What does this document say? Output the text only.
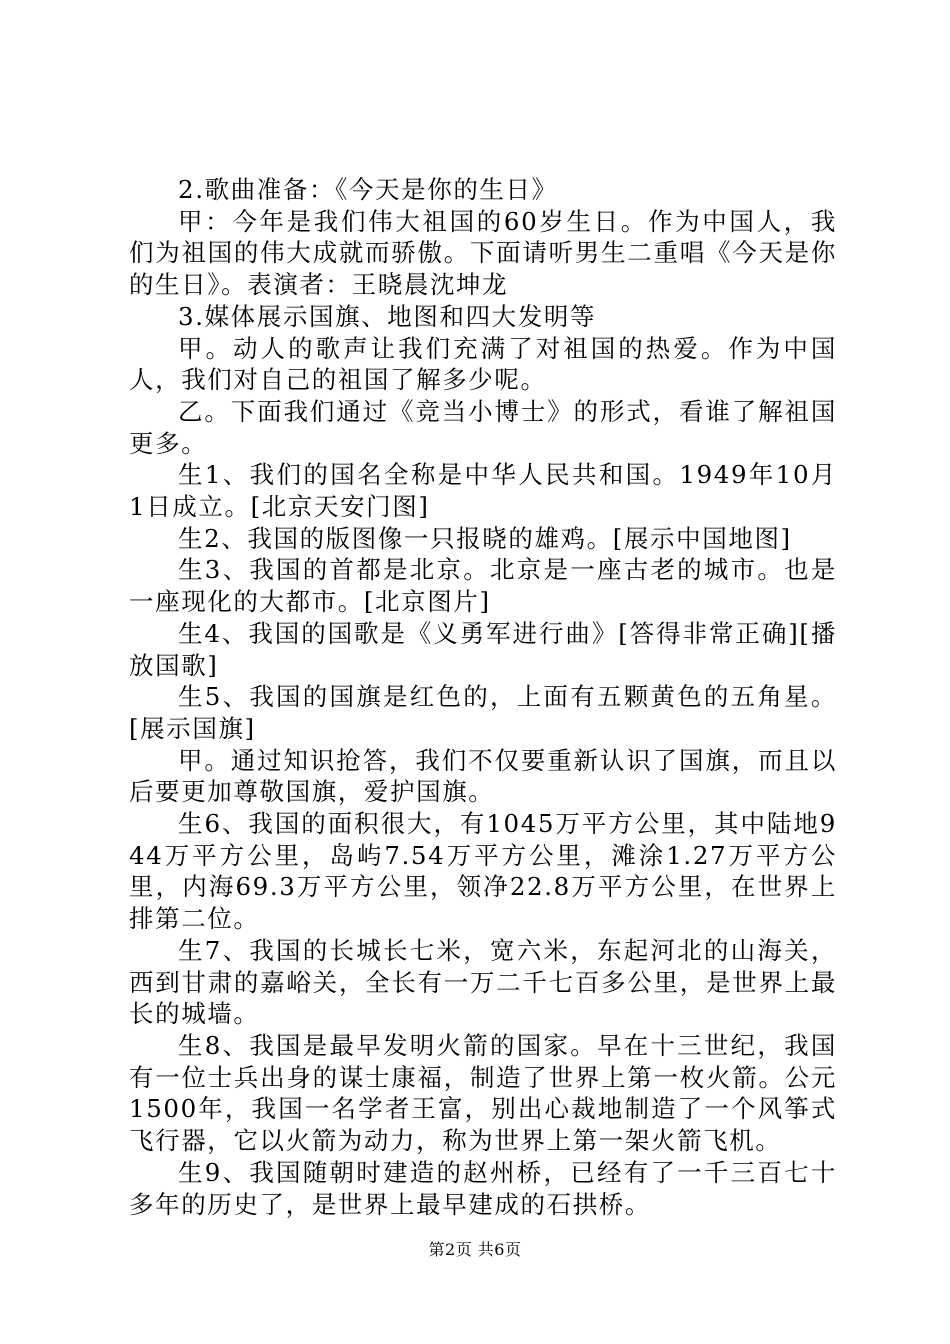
2.歌曲准备：《今天是你的生日》

甲：今年是我们伟大祖国的60岁生日。作为中国人，我们为祖国的伟大成就而骄傲。下面请听男生二重唱《今天是你的生日》。表演者：王晓晨沈坤龙

3.媒体展示国旗、地图和四大发明等

甲。动人的歌声让我们充满了对祖国的热爱。作为中国人，我们对自己的祖国了解多少呢。

乙。下面我们通过《竞当小博士》的形式，看谁了解祖国更多。

生1、我们的国名全称是中华人民共和国。1949年10月1日成立。[北京天安门图]

生2、我国的版图像一只报晓的雄鸡。[展示中国地图]

生3、我国的首都是北京。北京是一座古老的城市。也是一座现化的大都市。[北京图片]

生4、我国的国歌是《义勇军进行曲》[答得非常正确][播放国歌]

生5、我国的国旗是红色的，上面有五颗黄色的五角星。[展示国旗]

甲。通过知识抢答，我们不仅要重新认识了国旗，而且以后要更加尊敬国旗，爱护国旗。

生6、我国的面积很大，有1045万平方公里，其中陆地944万平方公里，岛屿7.54万平方公里，滩涂1.27万平方公里，内海69.3万平方公里，领净22.8万平方公里，在世界上排第二位。

生7、我国的长城长七米，宽六米，东起河北的山海关，西到甘肃的嘉峪关，全长有一万二千七百多公里，是世界上最长的城墙。

生8、我国是最早发明火箭的国家。早在十三世纪，我国有一位士兵出身的谋士康福，制造了世界上第一枚火箭。公元1500年，我国一名学者王富，别出心裁地制造了一个风筝式飞行器，它以火箭为动力，称为世界上第一架火箭飞机。

生9、我国随朝时建造的赵州桥，已经有了一千三百七十多年的历史了，是世界上最早建成的石拱桥。

第2页 共6页
